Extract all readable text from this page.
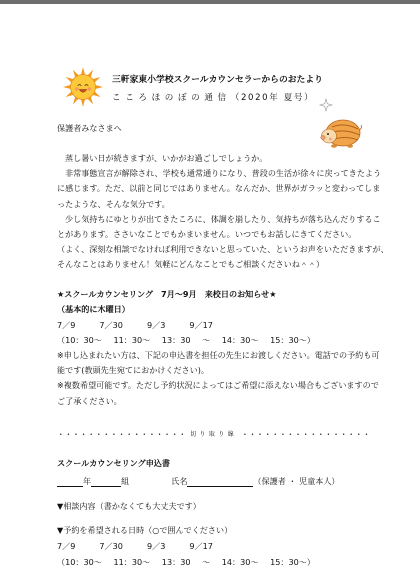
三軒家東小学校スクールカウンセラーからのおたより
こころほのぼの通信 （2020年 夏号）
保護者みなさまへ
蒸し暑い日が続きますが、いかがお過ごしでしょうか。
非常事態宣言が解除され、学校も通常通りになり、普段の生活が徐々に戻ってきたよう
に感じます。ただ、以前と同じではありません。なんだか、世界がガラッと変わってしま
ったような、そんな気分です。
少し気持ちにゆとりが出てきたころに、体調を崩したり、気持ちが落ち込んだりするこ
とがあります。ささいなことでもかまいません。いつでもお話しにきてください。
（よく、深刻な相談でなければ利用できないと思っていた、というお声をいただきますが、
そんなことはありません！気軽にどんなことでもご相談くださいね＾＾）
★スクールカウンセリング　7月～9月　来校日のお知らせ★
（基本的に木曜日）
7／9	7／30	9／3	9／17
（10：30～ 11：30～ 13：30 ～ 14：30～ 15：30～）
※申し込まれたい方は、下記の申込書を担任の先生にお渡しください。電話での予約も可
能です(教頭先生宛てにおかけください)。
※複数希望可能です。ただし予約状況によってはご希望に添えない場合もございますので
ご了承ください。
・・・・・・・・・・・・・・・・・ 切り取り線 ・・・・・・・・・・・・・・・・・
スクールカウンセリング申込書
年	組	氏名	（保護者 ・ 児童本人）
▼相談内容（書かなくても大丈夫です）
▼予約を希望される日時（○で囲んでください）
7／9	7／30	9／3	9／17
（10：30～ 11：30～ 13：30 ～ 14：30～ 15：30～）
